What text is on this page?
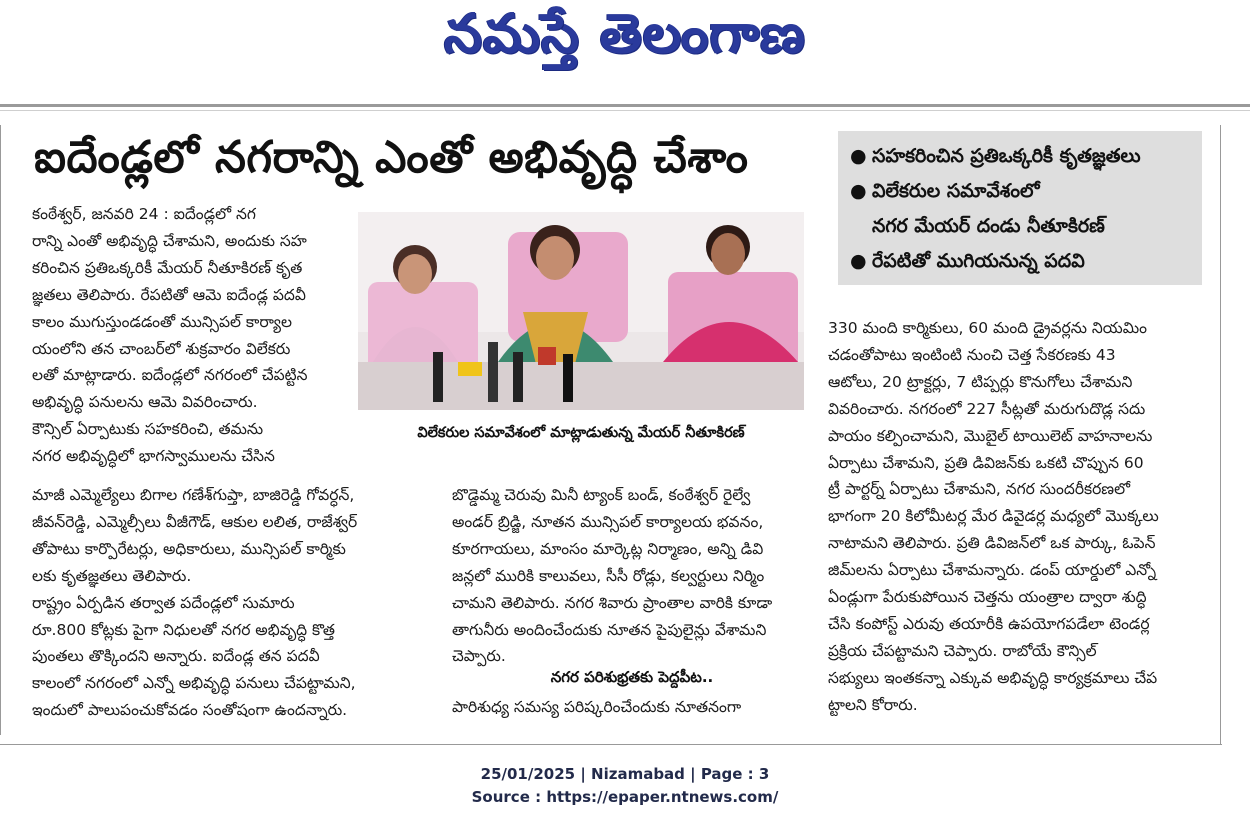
నమస్తే తెలంగాణ
ఐదేండ్లలో నగరాన్ని ఎంతో అభివృద్ధి చేశాం	● సహకరించిన ప్రతిఒక్కరికీ కృతజ్ఞతలు
● విలేకరుల సమావేశంలో
నగర మేయర్ దండు నీతూకిరణ్
● రేపటితో ముగియనున్న పదవి

కంఠేశ్వర్, జనవరి 24 : ఐదేండ్లలో నగ

రాన్ని ఎంతో అభివృద్ధి చేశామని, అందుకు సహ

కరించిన ప్రతిఒక్కరికీ మేయర్ నీతూకిరణ్ కృత

జ్ఞతలు తెలిపారు. రేపటితో ఆమె ఐదేండ్ల పదవీ

కాలం ముగుస్తుండడంతో మున్సిపల్ కార్యాల

యంలోని తన చాంబర్‌లో శుక్రవారం విలేకరు

లతో మాట్లాడారు. ఐదేండ్లలో నగరంలో చేపట్టిన

అభివృద్ధి పనులను ఆమె వివరించారు.

కౌన్సిల్ ఏర్పాటుకు సహకరించి, తమను

నగర అభివృద్ధిలో భాగస్వాములను చేసిన

మాజీ ఎమ్మెల్యేలు బిగాల గణేశ్‌గుప్తా, బాజిరెడ్డి గోవర్ధన్,

జీవన్‌రెడ్డి, ఎమ్మెల్సీలు వీజీగౌడ్, ఆకుల లలిత, రాజేశ్వర్

తోపాటు కార్పొరేటర్లు, అధికారులు, మున్సిపల్ కార్మికు

లకు కృతజ్ఞతలు తెలిపారు.

రాష్ట్రం ఏర్పడిన తర్వాత పదేండ్లలో సుమారు

రూ.800 కోట్లకు పైగా నిధులతో నగర అభివృద్ధి కొత్త

పుంతలు తొక్కిందని అన్నారు. ఐదేండ్ల తన పదవీ

కాలంలో నగరంలో ఎన్నో అభివృద్ధి పనులు చేపట్టామని,

ఇందులో పాలుపంచుకోవడం సంతోషంగా ఉందన్నారు.

విలేకరుల సమావేశంలో మాట్లాడుతున్న మేయర్ నీతూకిరణ్

బొడ్డెమ్మ చెరువు మినీ ట్యాంక్ బండ్, కంఠేశ్వర్ రైల్వే

అండర్ బ్రిడ్జి, నూతన మున్సిపల్ కార్యాలయ భవనం,

కూరగాయలు, మాంసం మార్కెట్ల నిర్మాణం, అన్ని డివి

జన్లలో మురికి కాలువలు, సీసీ రోడ్లు, కల్వర్టులు నిర్మిం

చామని తెలిపారు. నగర శివారు ప్రాంతాల వారికి కూడా

తాగునీరు అందించేందుకు నూతన పైపులైన్లు వేశామని

చెప్పారు.

నగర పరిశుభ్రతకు పెద్దపీట..

పారిశుధ్య సమస్య పరిష్కరించేందుకు నూతనంగా

330 మంది కార్మికులు, 60 మంది డ్రైవర్లను నియమిం

చడంతోపాటు ఇంటింటి నుంచి చెత్త సేకరణకు 43

ఆటోలు, 20 ట్రాక్టర్లు, 7 టిప్పర్లు కొనుగోలు చేశామని

వివరించారు. నగరంలో 227 సీట్లతో మరుగుదొడ్ల సదు

పాయం కల్పించామని, మొబైల్ టాయిలెట్ వాహనాలను

ఏర్పాటు చేశామని, ప్రతి డివిజన్‌కు ఒకటి చొప్పున 60

ట్రీ పార్టర్న్ ఏర్పాటు చేశామని, నగర సుందరీకరణలో

భాగంగా 20 కిలోమీటర్ల మేర డివైడర్ల మధ్యలో మొక్కలు

నాటామని తెలిపారు. ప్రతి డివిజన్‌లో ఒక పార్కు, ఓపెన్

జిమ్‌లను ఏర్పాటు చేశామన్నారు. డంప్ యార్డులో ఎన్నో

ఏండ్లుగా పేరుకుపోయిన చెత్తను యంత్రాల ద్వారా శుద్ధి

చేసి కంపోస్ట్ ఎరువు తయారీకి ఉపయోగపడేలా టెండర్ల

ప్రక్రియ చేపట్టామని చెప్పారు. రాబోయే కౌన్సిల్

సభ్యులు ఇంతకన్నా ఎక్కువ అభివృద్ధి కార్యక్రమాలు చేప

ట్టాలని కోరారు.

25/01/2025 | Nizamabad | Page : 3
Source : https://epaper.ntnews.com/
